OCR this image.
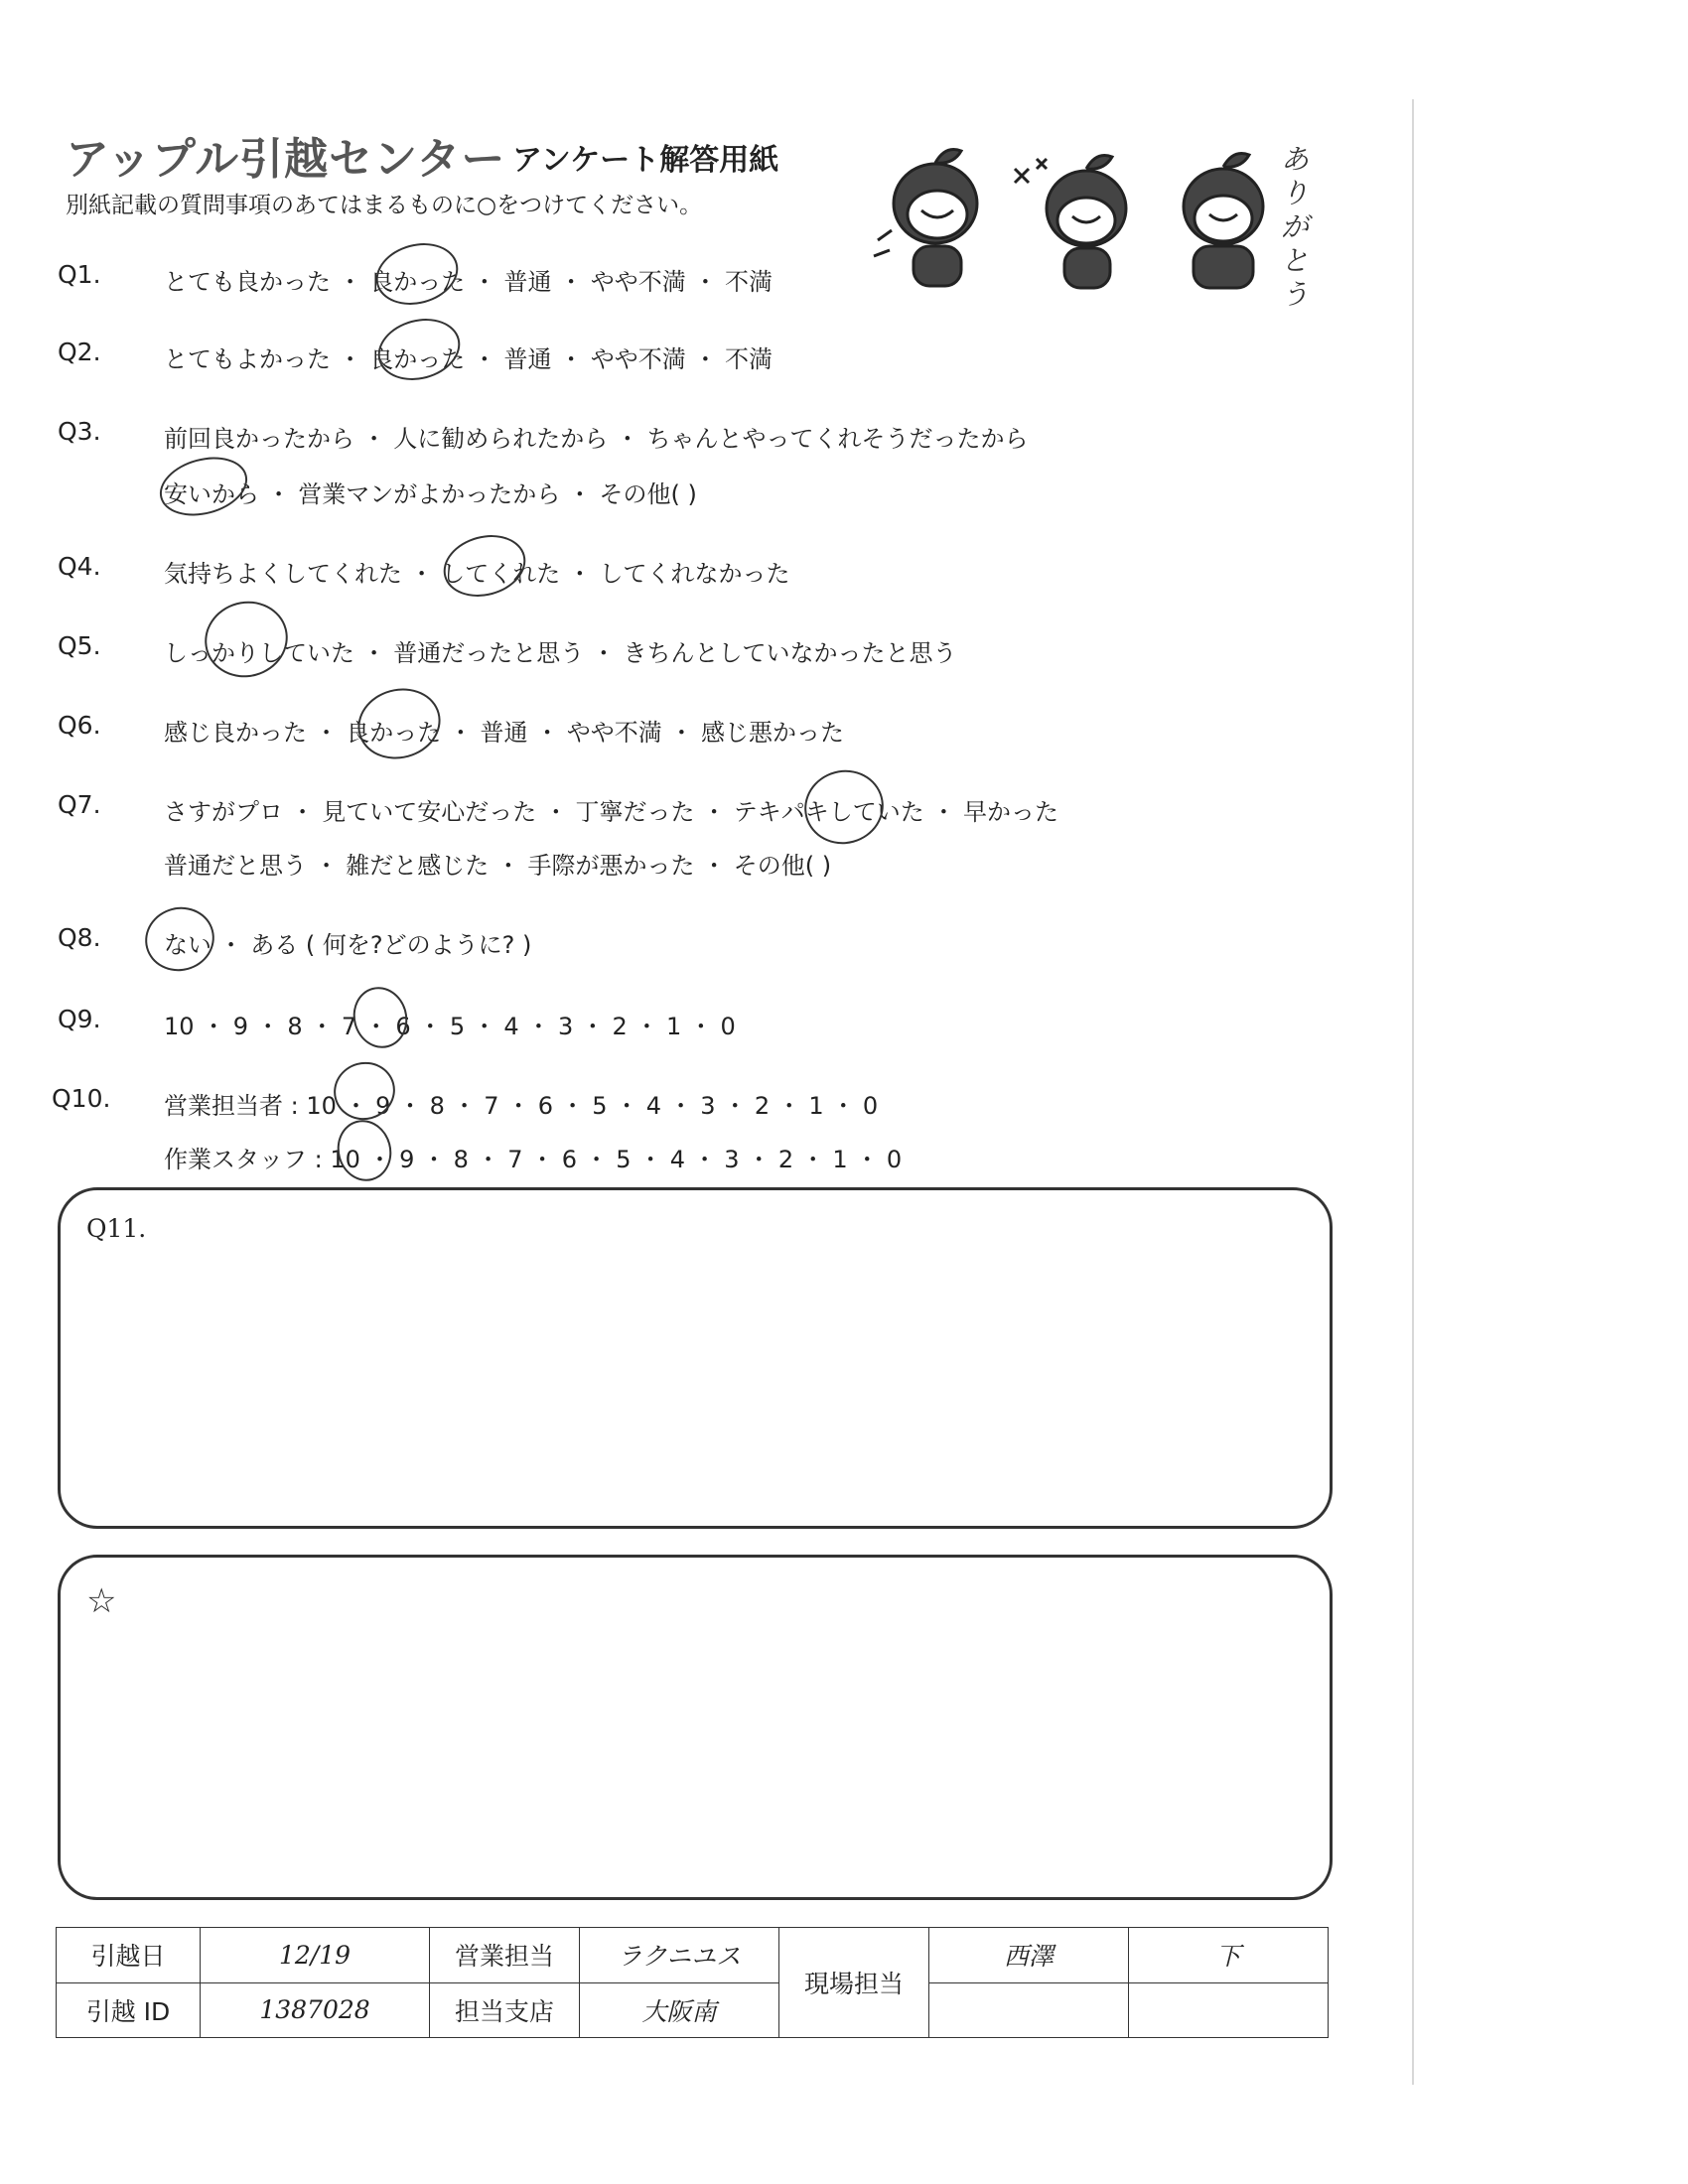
アップル引越センター アンケート解答用紙
別紙記載の質問事項のあてはまるものに○をつけてください。
ありがとう
Q1.	とても良かった ・ 良かった ・ 普通 ・ やや不満 ・ 不満
Q2.	とてもよかった ・ 良かった ・ 普通 ・ やや不満 ・ 不満
Q3.	前回良かったから ・ 人に勧められたから ・ ちゃんとやってくれそうだったから
安いから ・ 営業マンがよかったから ・ その他( )
Q4.	気持ちよくしてくれた ・ してくれた ・ してくれなかった
Q5.	しっかりしていた ・ 普通だったと思う ・ きちんとしていなかったと思う
Q6.	感じ良かった ・ 良かった ・ 普通 ・ やや不満 ・ 感じ悪かった
Q7.	さすがプロ ・ 見ていて安心だった ・ 丁寧だった ・ テキパキしていた ・ 早かった
普通だと思う ・ 雑だと感じた ・ 手際が悪かった ・ その他( )
Q8.	ない ・ ある ( 何を?どのように? )
Q9.	10 ・ 9 ・ 8 ・ 7 ・ 6 ・ 5 ・ 4 ・ 3 ・ 2 ・ 1 ・ 0
Q10. 営業担当者 : 10 ・ 9 ・ 8 ・ 7 ・ 6 ・ 5 ・ 4 ・ 3 ・ 2 ・ 1 ・ 0
作業スタッフ : 10 ・ 9 ・ 8 ・ 7 ・ 6 ・ 5 ・ 4 ・ 3 ・ 2 ・ 1 ・ 0
Q11.
☆
引越日	12/19	営業担当	ラクニユス	現場担当	西澤	下
引越 ID	1387028	担当支店	大阪南			
